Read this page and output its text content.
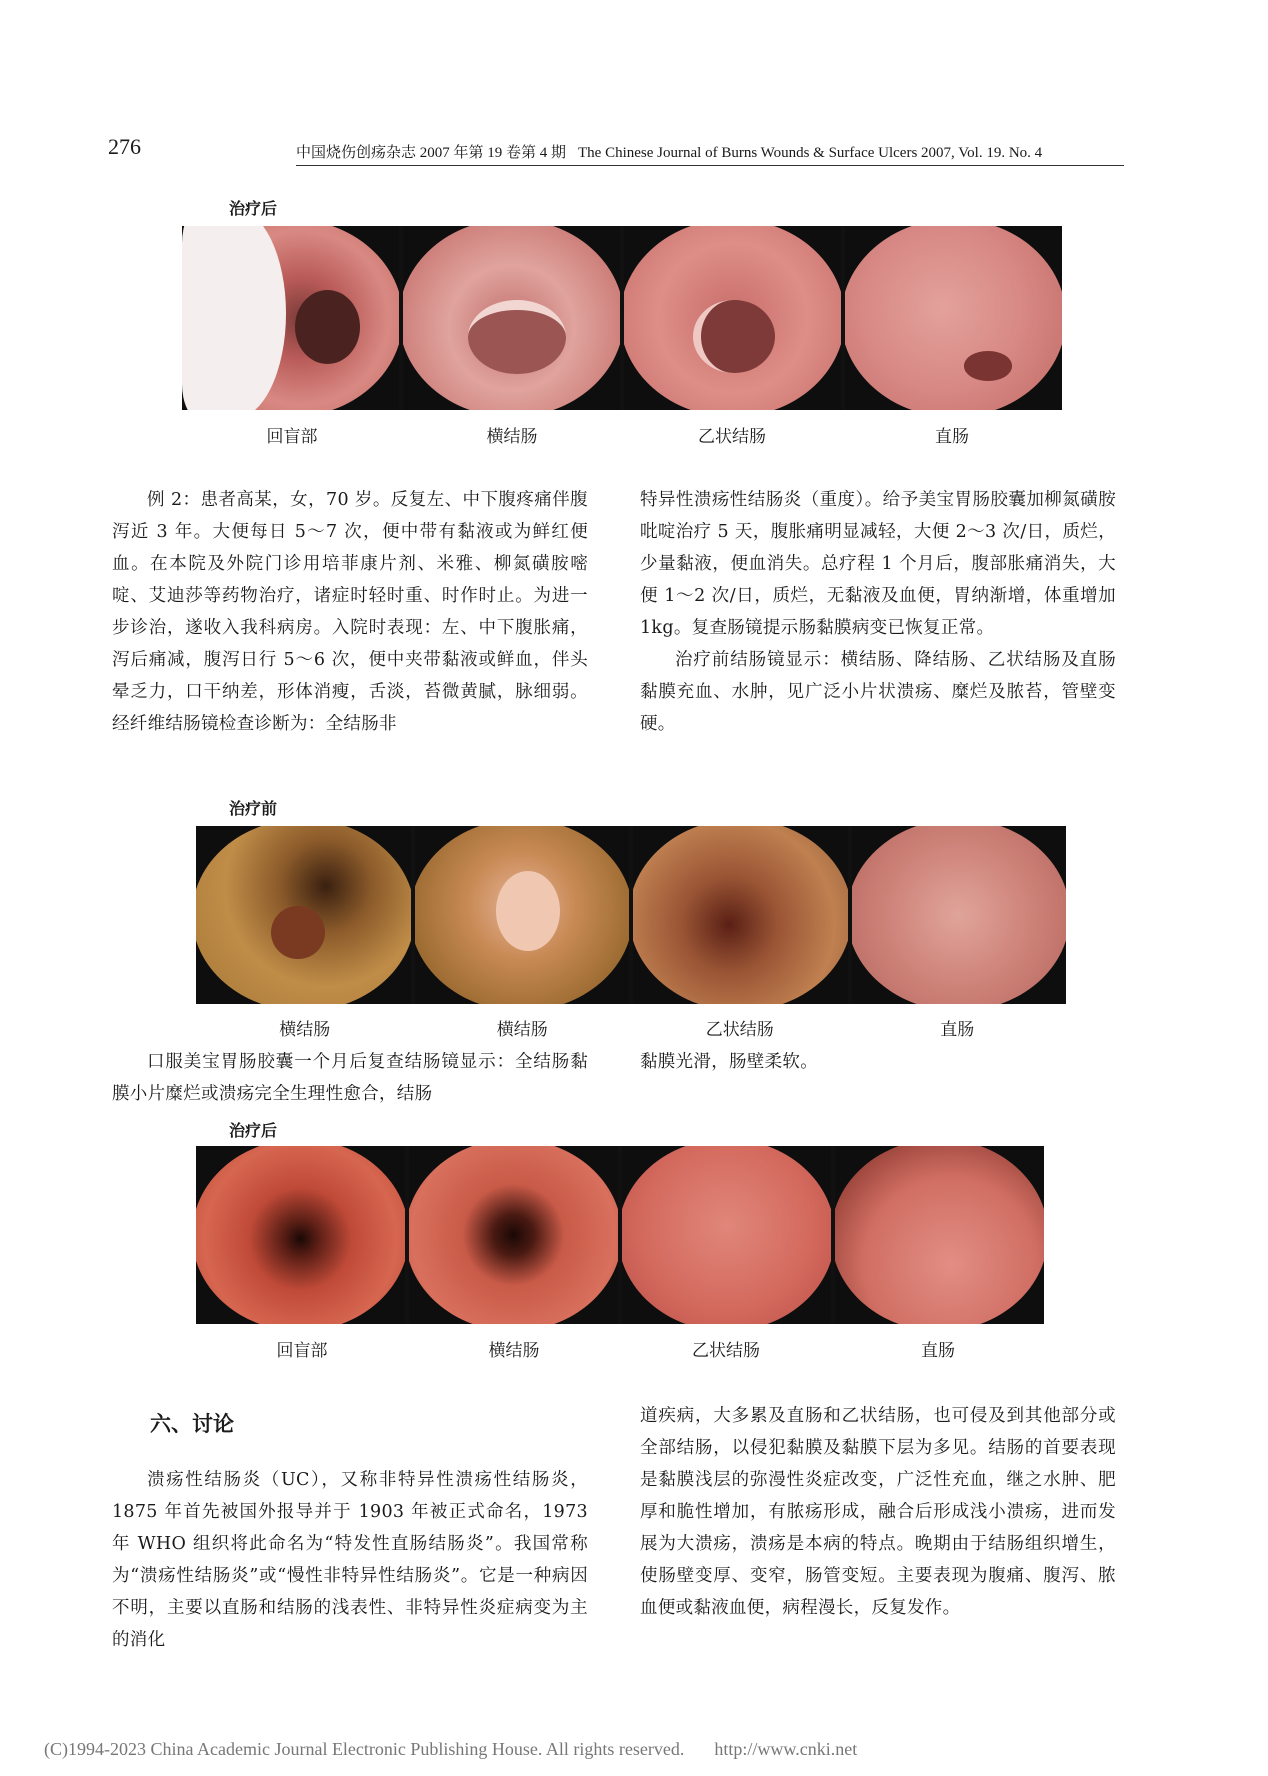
276	中国烧伤创疡杂志 2007 年第 19 卷第 4 期 The Chinese Journal of Burns Wounds & Surface Ulcers 2007, Vol. 19. No. 4
治疗后
回盲部	横结肠	乙状结肠	直肠

例 2：患者高某，女，70 岁。反复左、中下腹疼痛伴腹泻近 3 年。大便每日 5～7 次，便中带有黏液或为鲜红便血。在本院及外院门诊用培菲康片剂、米雅、柳氮磺胺嘧啶、艾迪莎等药物治疗，诸症时轻时重、时作时止。为进一步诊治，遂收入我科病房。入院时表现：左、中下腹胀痛，泻后痛减，腹泻日行 5～6 次，便中夹带黏液或鲜血，伴头晕乏力，口干纳差，形体消瘦，舌淡，苔微黄腻，脉细弱。经纤维结肠镜检查诊断为：全结肠非

特异性溃疡性结肠炎（重度）。给予美宝胃肠胶囊加柳氮磺胺吡啶治疗 5 天，腹胀痛明显减轻，大便 2～3 次/日，质烂，少量黏液，便血消失。总疗程 1 个月后，腹部胀痛消失，大便 1～2 次/日，质烂，无黏液及血便，胃纳渐增，体重增加 1kg。复查肠镜提示肠黏膜病变已恢复正常。

治疗前结肠镜显示：横结肠、降结肠、乙状结肠及直肠黏膜充血、水肿，见广泛小片状溃疡、糜烂及脓苔，管壁变硬。

治疗前
横结肠	横结肠	乙状结肠	直肠

口服美宝胃肠胶囊一个月后复查结肠镜显示：全结肠黏膜小片糜烂或溃疡完全生理性愈合，结肠

黏膜光滑，肠壁柔软。

治疗后
回盲部	横结肠	乙状结肠	直肠
六、讨论

溃疡性结肠炎（UC），又称非特异性溃疡性结肠炎，1875 年首先被国外报导并于 1903 年被正式命名，1973 年 WHO 组织将此命名为“特发性直肠结肠炎”。我国常称为“溃疡性结肠炎”或“慢性非特异性结肠炎”。它是一种病因不明，主要以直肠和结肠的浅表性、非特异性炎症病变为主的消化

道疾病，大多累及直肠和乙状结肠，也可侵及到其他部分或全部结肠，以侵犯黏膜及黏膜下层为多见。结肠的首要表现是黏膜浅层的弥漫性炎症改变，广泛性充血，继之水肿、肥厚和脆性增加，有脓疡形成，融合后形成浅小溃疡，进而发展为大溃疡，溃疡是本病的特点。晚期由于结肠组织增生，使肠壁变厚、变窄，肠管变短。主要表现为腹痛、腹泻、脓血便或黏液血便，病程漫长，反复发作。

(C)1994-2023 China Academic Journal Electronic Publishing House. All rights reserved. http://www.cnki.net
